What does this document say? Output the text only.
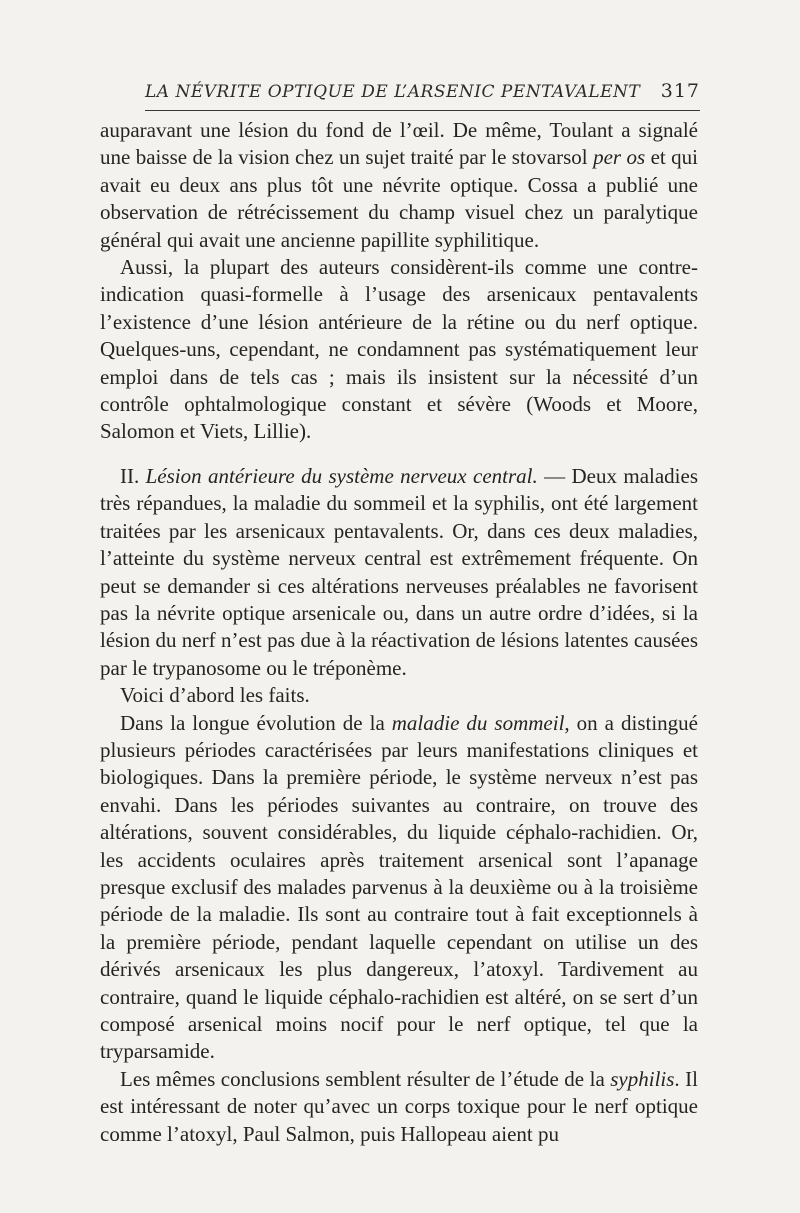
LA NÉVRITE OPTIQUE DE L’ARSENIC PENTAVALENT 317

auparavant une lésion du fond de l’œil. De même, Toulant a signalé une baisse de la vision chez un sujet traité par le stovarsol per os et qui avait eu deux ans plus tôt une névrite optique. Cossa a publié une observation de rétrécissement du champ visuel chez un paralytique général qui avait une ancienne papillite syphilitique.

Aussi, la plupart des auteurs considèrent-ils comme une contre-indication quasi-formelle à l’usage des arsenicaux pentavalents l’existence d’une lésion antérieure de la rétine ou du nerf optique. Quelques-uns, cependant, ne condamnent pas systématiquement leur emploi dans de tels cas ; mais ils insistent sur la nécessité d’un contrôle ophtalmologique constant et sévère (Woods et Moore, Salomon et Viets, Lillie).

II. Lésion antérieure du système nerveux central. — Deux maladies très répandues, la maladie du sommeil et la syphilis, ont été largement traitées par les arsenicaux pentavalents. Or, dans ces deux maladies, l’atteinte du système nerveux central est extrêmement fréquente. On peut se demander si ces altérations nerveuses préalables ne favorisent pas la névrite optique arsenicale ou, dans un autre ordre d’idées, si la lésion du nerf n’est pas due à la réactivation de lésions latentes causées par le trypanosome ou le tréponème.

Voici d’abord les faits.

Dans la longue évolution de la maladie du sommeil, on a distingué plusieurs périodes caractérisées par leurs manifestations cliniques et biologiques. Dans la première période, le système nerveux n’est pas envahi. Dans les périodes suivantes au contraire, on trouve des altérations, souvent considérables, du liquide céphalo-rachidien. Or, les accidents oculaires après traitement arsenical sont l’apanage presque exclusif des malades parvenus à la deuxième ou à la troisième période de la maladie. Ils sont au contraire tout à fait exceptionnels à la première période, pendant laquelle cependant on utilise un des dérivés arsenicaux les plus dangereux, l’atoxyl. Tardivement au contraire, quand le liquide céphalo-rachidien est altéré, on se sert d’un composé arsenical moins nocif pour le nerf optique, tel que la tryparsamide.

Les mêmes conclusions semblent résulter de l’étude de la syphilis. Il est intéressant de noter qu’avec un corps toxique pour le nerf optique comme l’atoxyl, Paul Salmon, puis Hallopeau aient pu
